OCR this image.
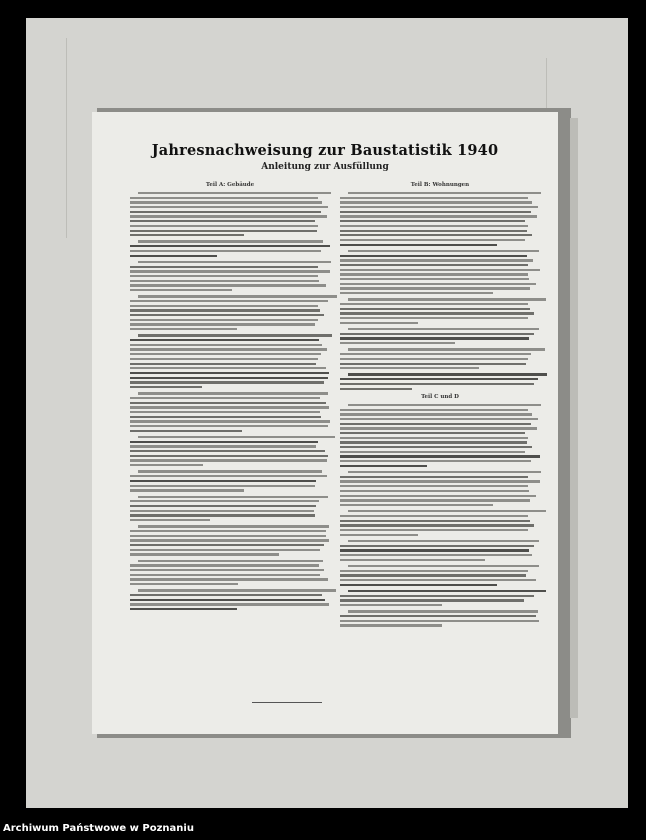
Jahresnachweisung zur Baustatistik 1940
Anleitung zur Ausfüllung
Teil A: Gebäude	Teil B: Wohnungen
Teil C und D
Archiwum Państwowe w Poznaniu
